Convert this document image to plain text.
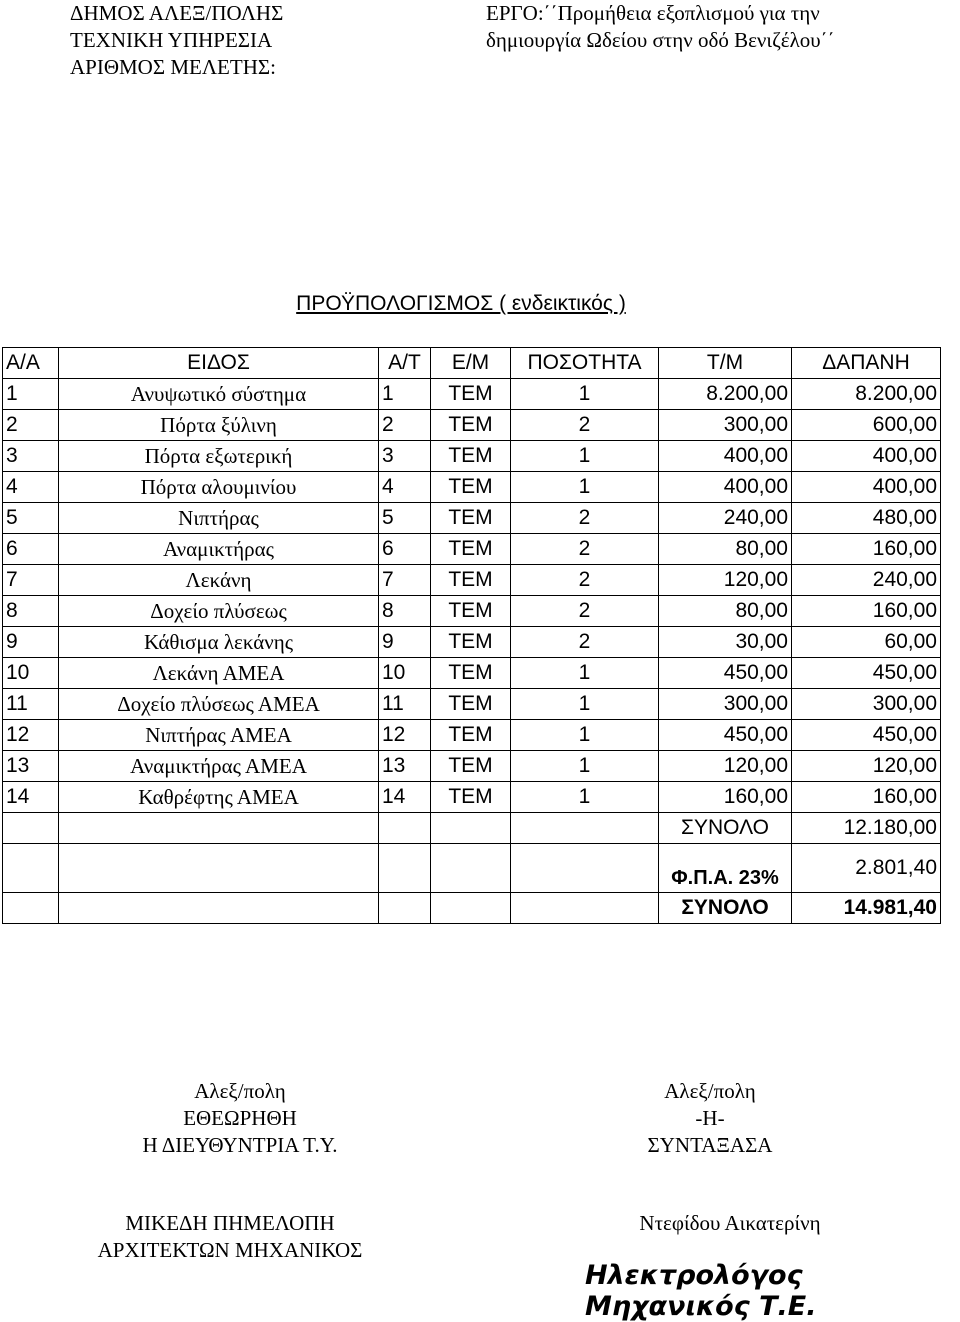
ΔΗΜΟΣ ΑΛΕΞ/ΠΟΛΗΣ
ΤΕΧΝΙΚΗ ΥΠΗΡΕΣΙΑ
ΑΡΙΘΜΟΣ ΜΕΛΕΤΗΣ:
ΕΡΓΟ:΄΄Προμήθεια εξοπλισμού για την
δημιουργία Ωδείου στην οδό Βενιζέλου΄΄
ΠΡΟΫΠΟΛΟΓΙΣΜΟΣ ( ενδεικτικός )
Α/Α	ΕΙΔΟΣ	Α/Τ	Ε/Μ	ΠΟΣΟΤΗΤΑ	Τ/Μ	ΔΑΠΑΝΗ
1	Ανυψωτικό σύστημα	1	ΤΕΜ	1	8.200,00	8.200,00
2	Πόρτα ξύλινη	2	ΤΕΜ	2	300,00	600,00
3	Πόρτα εξωτερική	3	ΤΕΜ	1	400,00	400,00
4	Πόρτα αλουμινίου	4	ΤΕΜ	1	400,00	400,00
5	Νιπτήρας	5	ΤΕΜ	2	240,00	480,00
6	Αναμικτήρας	6	ΤΕΜ	2	80,00	160,00
7	Λεκάνη	7	ΤΕΜ	2	120,00	240,00
8	Δοχείο πλύσεως	8	ΤΕΜ	2	80,00	160,00
9	Κάθισμα λεκάνης	9	ΤΕΜ	2	30,00	60,00
10	Λεκάνη ΑΜΕΑ	10	ΤΕΜ	1	450,00	450,00
11	Δοχείο πλύσεως ΑΜΕΑ	11	ΤΕΜ	1	300,00	300,00
12	Νιπτήρας ΑΜΕΑ	12	ΤΕΜ	1	450,00	450,00
13	Αναμικτήρας ΑΜΕΑ	13	ΤΕΜ	1	120,00	120,00
14	Καθρέφτης ΑΜΕΑ	14	ΤΕΜ	1	160,00	160,00
					ΣΥΝΟΛΟ	12.180,00
					Φ.Π.Α. 23%	2.801,40
					ΣΥΝΟΛΟ	14.981,40
Αλεξ/πολη
ΕΘΕΩΡΗΘΗ
Η ΔΙΕΥΘΥΝΤΡΙΑ Τ.Υ.
Αλεξ/πολη
-Η-
ΣΥΝΤΑΞΑΣΑ
ΜΙΚΕΔΗ ΠΗΜΕΛΟΠΗ
ΑΡΧΙΤΕΚΤΩΝ ΜΗΧΑΝΙΚΟΣ
Ντεφίδου Αικατερίνη
Ηλεκτρολόγος Μηχανικός Τ.Ε.
